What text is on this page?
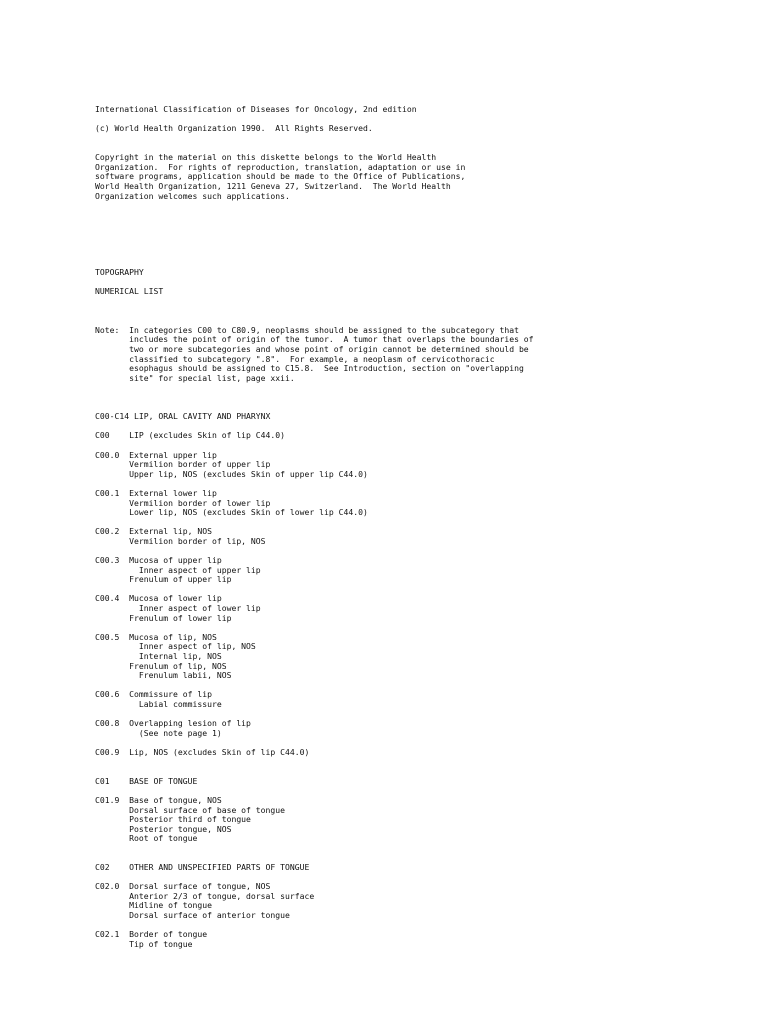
International Classification of Diseases for Oncology, 2nd edition

(c) World Health Organization 1990.  All Rights Reserved.

Copyright in the material on this diskette belongs to the World Health
Organization.  For rights of reproduction, translation, adaptation or use in
software programs, application should be made to the Office of Publications,
World Health Organization, 1211 Geneva 27, Switzerland.  The World Health
Organization welcomes such applications.

TOPOGRAPHY

NUMERICAL LIST

Note:  In categories C00 to C80.9, neoplasms should be assigned to the subcategory that
includes the point of origin of the tumor.  A tumor that overlaps the boundaries of
two or more subcategories and whose point of origin cannot be determined should be
classified to subcategory ".8".  For example, a neoplasm of cervicothoracic
esophagus should be assigned to C15.8.  See Introduction, section on "overlapping
site" for special list, page xxii.

C00-C14 LIP, ORAL CAVITY AND PHARYNX

C00    LIP (excludes Skin of lip C44.0)

C00.0  External upper lip
Vermilion border of upper lip
Upper lip, NOS (excludes Skin of upper lip C44.0)

C00.1  External lower lip
Vermilion border of lower lip
Lower lip, NOS (excludes Skin of lower lip C44.0)

C00.2  External lip, NOS
Vermilion border of lip, NOS

C00.3  Mucosa of upper lip
Inner aspect of upper lip
Frenulum of upper lip

C00.4  Mucosa of lower lip
Inner aspect of lower lip
Frenulum of lower lip

C00.5  Mucosa of lip, NOS
Inner aspect of lip, NOS
Internal lip, NOS
Frenulum of lip, NOS
Frenulum labii, NOS

C00.6  Commissure of lip
Labial commissure

C00.8  Overlapping lesion of lip
(See note page 1)

C00.9  Lip, NOS (excludes Skin of lip C44.0)

C01    BASE OF TONGUE

C01.9  Base of tongue, NOS
Dorsal surface of base of tongue
Posterior third of tongue
Posterior tongue, NOS
Root of tongue

C02    OTHER AND UNSPECIFIED PARTS OF TONGUE

C02.0  Dorsal surface of tongue, NOS
Anterior 2/3 of tongue, dorsal surface
Midline of tongue
Dorsal surface of anterior tongue

C02.1  Border of tongue
Tip of tongue
